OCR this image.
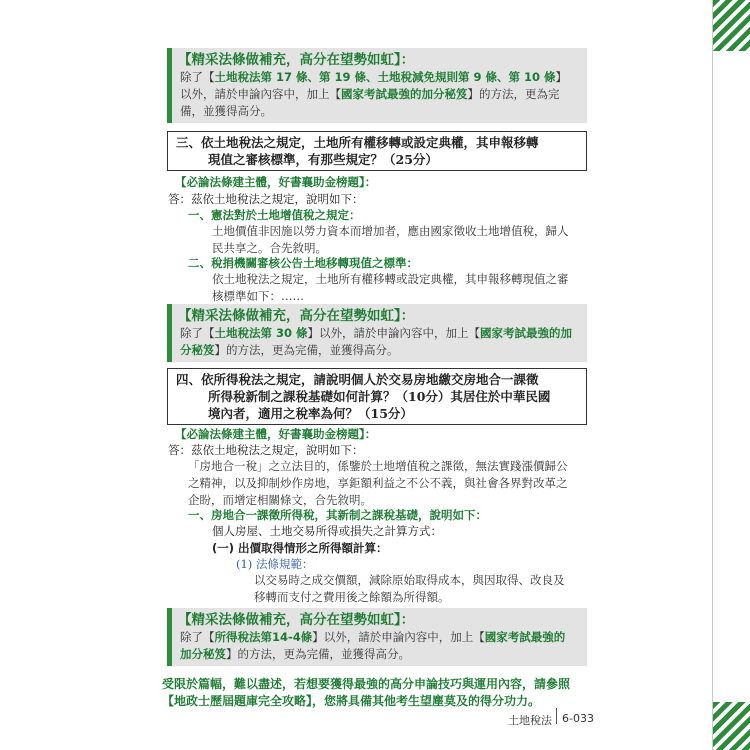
【精采法條做補充，高分在望勢如虹】：
除了【土地稅法第 17 條、第 19 條、土地稅減免規則第 9 條、第 10 條】
以外，請於申論內容中，加上【國家考試最強的加分秘笈】的方法，更為完
備，並獲得高分。
三、依土地稅法之規定，土地所有權移轉或設定典權，其申報移轉
現值之審核標準，有那些規定？（25分）
【必論法條建主體，好書襄助金榜題】：
答：茲依土地稅法之規定，說明如下：
一、憲法對於土地增值稅之規定：
土地價值非因施以勞力資本而增加者，應由國家徵收土地增值稅，歸人
民共享之。合先敘明。
二、稅捐機關審核公告土地移轉現值之標準：
依土地稅法之規定，土地所有權移轉或設定典權，其申報移轉現值之審
核標準如下：……
【精采法條做補充，高分在望勢如虹】：
除了【土地稅法第 30 條】以外，請於申論內容中，加上【國家考試最強的加
分秘笈】的方法，更為完備，並獲得高分。
四、依所得稅法之規定，請說明個人於交易房地繳交房地合一課徵
所得稅新制之課稅基礎如何計算？（10分）其居住於中華民國
境內者，適用之稅率為何？（15分）
【必論法條建主體，好書襄助金榜題】：
答：茲依土地稅法之規定，說明如下：
「房地合一稅」之立法目的，係鑒於土地增值稅之課徵，無法實踐漲價歸公
之精神，以及抑制炒作房地，享鉅額利益之不公不義，與社會各界對改革之
企盼，而增定相關條文，合先敘明。
一、房地合一課徵所得稅，其新制之課稅基礎，說明如下：
個人房屋、土地交易所得或損失之計算方式：
(一) 出價取得情形之所得額計算：
(1) 法條規範：
以交易時之成交價額，減除原始取得成本，與因取得、改良及
移轉而支付之費用後之餘額為所得額。
【精采法條做補充，高分在望勢如虹】：
除了【所得稅法第14-4條】以外，請於申論內容中，加上【國家考試最強的
加分秘笈】的方法，更為完備，並獲得高分。
受限於篇幅，難以盡述，若想要獲得最強的高分申論技巧與運用內容，請參照
【地政士歷屆題庫完全攻略】，您將具備其他考生望塵莫及的得分功力。
土地稅法 6-033
